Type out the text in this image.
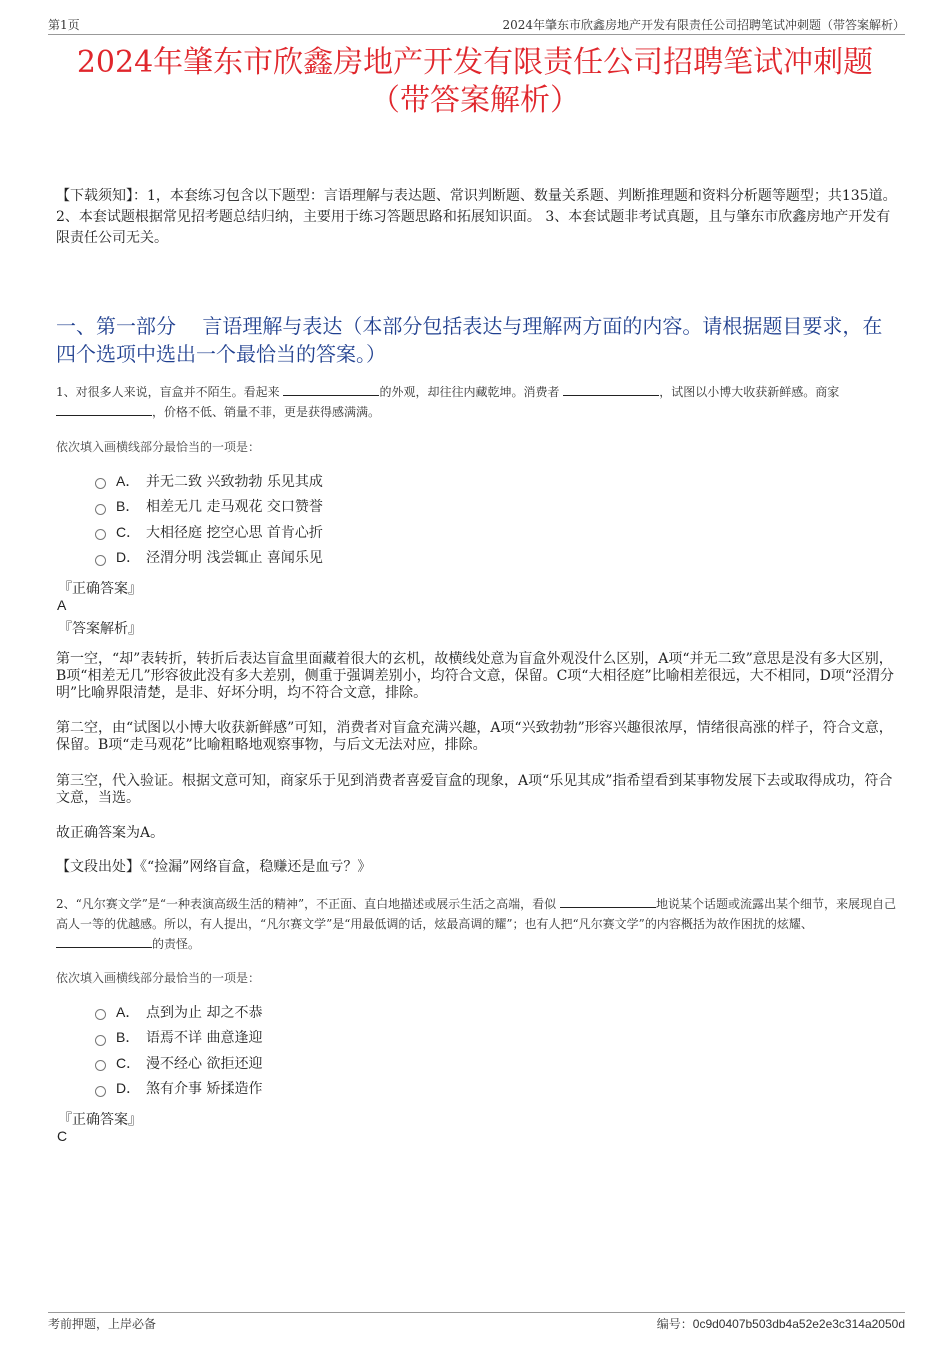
第1页	2024年肇东市欣鑫房地产开发有限责任公司招聘笔试冲刺题（带答案解析）
2024年肇东市欣鑫房地产开发有限责任公司招聘笔试冲刺题
（带答案解析）
【下载须知】：1，本套练习包含以下题型：言语理解与表达题、常识判断题、数量关系题、判断推理题和资料分析题等题型；共135道。 2、本套试题根据常见招考题总结归纳，主要用于练习答题思路和拓展知识面。 3、本套试题非考试真题，且与肇东市欣鑫房地产开发有限责任公司无关。
一、第一部分　 言语理解与表达（本部分包括表达与理解两方面的内容。请根据题目要求，在四个选项中选出一个最恰当的答案。）
1、对很多人来说，盲盒并不陌生。看起来	的外观，却往往内藏乾坤。消费者	，试图以小博大收获新鲜感。商家 ，价格不低、销量不菲，更是获得感满满。
依次填入画横线部分最恰当的一项是：
A． 并无二致 兴致勃勃 乐见其成
B． 相差无几 走马观花 交口赞誉
C． 大相径庭 挖空心思 首肯心折
D． 泾渭分明 浅尝辄止 喜闻乐见
『正确答案』
A
『答案解析』
第一空，“却”表转折，转折后表达盲盒里面藏着很大的玄机，故横线处意为盲盒外观没什么区别，A项“并无二致”意思是没有多大区别，B项“相差无几”形容彼此没有多大差别，侧重于强调差别小，均符合文意，保留。C项“大相径庭”比喻相差很远，大不相同，D项“泾渭分明”比喻界限清楚，是非、好坏分明，均不符合文意，排除。
第二空，由“试图以小博大收获新鲜感”可知，消费者对盲盒充满兴趣，A项“兴致勃勃”形容兴趣很浓厚，情绪很高涨的样子，符合文意，保留。B项“走马观花”比喻粗略地观察事物，与后文无法对应，排除。
第三空，代入验证。根据文意可知，商家乐于见到消费者喜爱盲盒的现象，A项“乐见其成”指希望看到某事物发展下去或取得成功，符合文意，当选。
故正确答案为A。
【文段出处】《“捡漏”网络盲盒，稳赚还是血亏？》
2、“凡尔赛文学”是“一种表演高级生活的精神”，不正面、直白地描述或展示生活之高端，看似	地说某个话题或流露出某个细节，来展现自己高人一等的优越感。所以，有人提出，“凡尔赛文学”是“用最低调的话，炫最高调的耀”；也有人把“凡尔赛文学”的内容概括为故作困扰的炫耀、 的责怪。
依次填入画横线部分最恰当的一项是：
A． 点到为止 却之不恭
B． 语焉不详 曲意逢迎
C． 漫不经心 欲拒还迎
D． 煞有介事 矫揉造作
『正确答案』
C
考前押题，上岸必备	编号：0c9d0407b503db4a52e2e3c314a2050d
